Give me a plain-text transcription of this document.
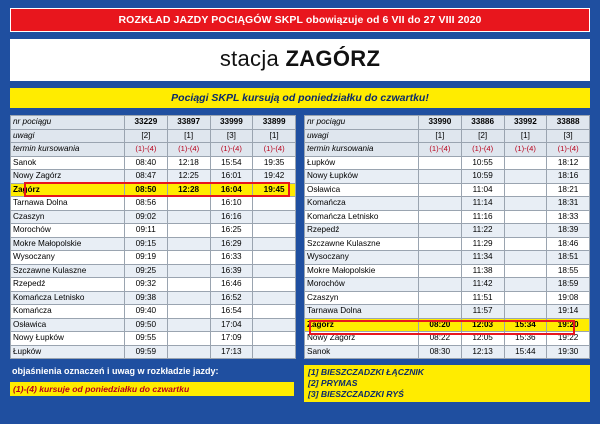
ROZKŁAD JAZDY POCIĄGÓW SKPL obowiązuje od 6 VII do 27 VIII 2020
stacja ZAGÓRZ
Pociągi SKPL kursują od poniedziałku do czwartku!
nr pociągu	33229	33897	33999	33899
uwagi	[2]	[1]	[3]	[1]
termin kursowania	(1)-(4)	(1)-(4)	(1)-(4)	(1)-(4)
Sanok	08:40	12:18	15:54	19:35
Nowy Zagórz	08:47	12:25	16:01	19:42
Zagórz	08:50	12:28	16:04	19:45
Tarnawa Dolna	08:56		16:10	
Czaszyn	09:02		16:16	
Morochów	09:11		16:25	
Mokre Małopolskie	09:15		16:29	
Wysoczany	09:19		16:33	
Szczawne Kulaszne	09:25		16:39	
Rzepedź	09:32		16:46	
Komańcza Letnisko	09:38		16:52	
Komańcza	09:40		16:54	
Osławica	09:50		17:04	
Nowy Łupków	09:55		17:09	
Łupków	09:59		17:13	
nr pociągu	33990	33886	33992	33888
uwagi	[1]	[2]	[1]	[3]
termin kursowania	(1)-(4)	(1)-(4)	(1)-(4)	(1)-(4)
Łupków		10:55		18:12
Nowy Łupków		10:59		18:16
Osławica		11:04		18:21
Komańcza		11:14		18:31
Komańcza Letnisko		11:16		18:33
Rzepedź		11:22		18:39
Szczawne Kulaszne		11:29		18:46
Wysoczany		11:34		18:51
Mokre Małopolskie		11:38		18:55
Morochów		11:42		18:59
Czaszyn		11:51		19:08
Tarnawa Dolna		11:57		19:14
Zagórz	08:20	12:03	15:34	19:20
Nowy Zagórz	08:22	12:05	15:36	19:22
Sanok	08:30	12:13	15:44	19:30
objaśnienia oznaczeń i uwag w rozkładzie jazdy:
(1)-(4) kursuje od poniedziałku do czwartku
[1] BIESZCZADZKI ŁĄCZNIK
[2] PRYMAS
[3] BIESZCZADZKI RYŚ
